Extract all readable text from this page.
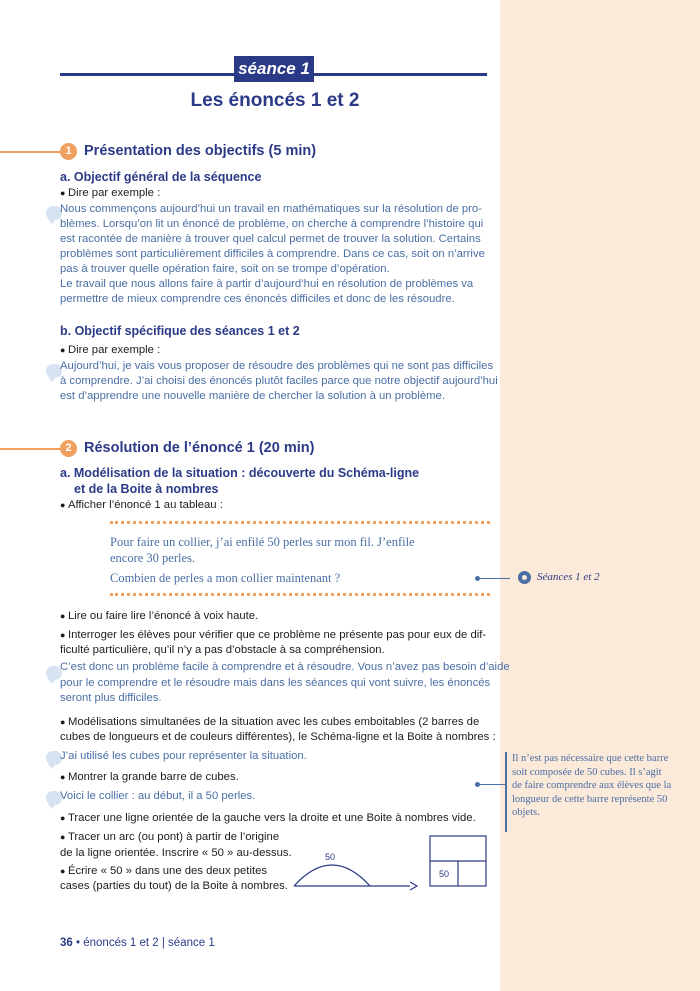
séance 1
Les énoncés 1 et 2
1 Présentation des objectifs (5 min)
a. Objectif général de la séquence
● Dire par exemple :
Nous commençons aujourd’hui un travail en mathématiques sur la résolution de pro-
blèmes. Lorsqu’on lit un énoncé de problème, on cherche à comprendre l’histoire qui
est racontée de manière à trouver quel calcul permet de trouver la solution. Certains
problèmes sont particulièrement difficiles à comprendre. Dans ce cas, soit on n’arrive
pas à trouver quelle opération faire, soit on se trompe d’opération.
Le travail que nous allons faire à partir d’aujourd’hui en résolution de problèmes va
permettre de mieux comprendre ces énoncés difficiles et donc de les résoudre.
b. Objectif spécifique des séances 1 et 2
● Dire par exemple :
Aujourd’hui, je vais vous proposer de résoudre des problèmes qui ne sont pas difficiles
à comprendre. J’ai choisi des énoncés plutôt faciles parce que notre objectif aujourd’hui
est d’apprendre une nouvelle manière de chercher la solution à un problème.
2 Résolution de l’énoncé 1 (20 min)
a. Modélisation de la situation : découverte du Schéma-ligne
et de la Boite à nombres
● Afficher l’énoncé 1 au tableau :
Pour faire un collier, j’ai enfilé 50 perles sur mon fil. J’enfile
encore 30 perles.
Combien de perles a mon collier maintenant ?	Séances 1 et 2
● Lire ou faire lire l’énoncé à voix haute.
● Interroger les élèves pour vérifier que ce problème ne présente pas pour eux de dif-
ficulté particulière, qu’il n’y a pas d’obstacle à sa compréhension.
C’est donc un problème facile à comprendre et à résoudre. Vous n’avez pas besoin d’aide
pour le comprendre et le résoudre mais dans les séances qui vont suivre, les énoncés
seront plus difficiles.
● Modélisations simultanées de la situation avec les cubes emboitables (2 barres de
cubes de longueurs et de couleurs différentes), le Schéma-ligne et la Boite à nombres :
J’ai utilisé les cubes pour représenter la situation.
● Montrer la grande barre de cubes.
Voici le collier : au début, il a 50 perles.
Il n’est pas nécessaire que cette barre soit composée de 50 cubes. Il s’agit de faire comprendre aux élèves que la longueur de cette barre représente 50 objets.
● Tracer une ligne orientée de la gauche vers la droite et une Boite à nombres vide.
● Tracer un arc (ou pont) à partir de l’origine
de la ligne orientée. Inscrire « 50 » au-dessus.
● Écrire « 50 » dans une des deux petites
cases (parties du tout) de la Boite à nombres.
50
50
36 • énoncés 1 et 2 | séance 1
